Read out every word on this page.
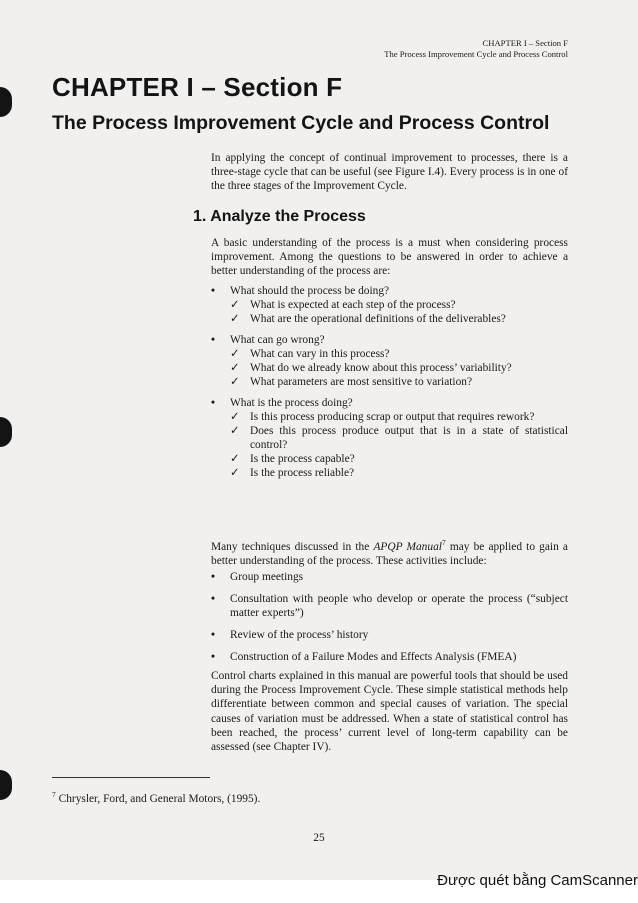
CHAPTER I – Section F
The Process Improvement Cycle and Process Control
CHAPTER I – Section F
The Process Improvement Cycle and Process Control
In applying the concept of continual improvement to processes, there is a three-stage cycle that can be useful (see Figure I.4). Every process is in one of the three stages of the Improvement Cycle.
1. Analyze the Process
A basic understanding of the process is a must when considering process improvement. Among the questions to be answered in order to achieve a better understanding of the process are:
• What should the process be doing?
✓ What is expected at each step of the process?
✓ What are the operational definitions of the deliverables?
• What can go wrong?
✓ What can vary in this process?
✓ What do we already know about this process’ variability?
✓ What parameters are most sensitive to variation?
• What is the process doing?
✓ Is this process producing scrap or output that requires rework?
✓ Does this process produce output that is in a state of statistical control?
✓ Is the process capable?
✓ Is the process reliable?
Many techniques discussed in the APQP Manual$^7$ may be applied to gain a better understanding of the process. These activities include:
• Group meetings
• Consultation with people who develop or operate the process (“subject matter experts”)
• Review of the process’ history
• Construction of a Failure Modes and Effects Analysis (FMEA)
Control charts explained in this manual are powerful tools that should be used during the Process Improvement Cycle. These simple statistical methods help differentiate between common and special causes of variation. The special causes of variation must be addressed. When a state of statistical control has been reached, the process’ current level of long-term capability can be assessed (see Chapter IV).
$^7$ Chrysler, Ford, and General Motors, (1995).
25
Được quét bằng CamScanner
